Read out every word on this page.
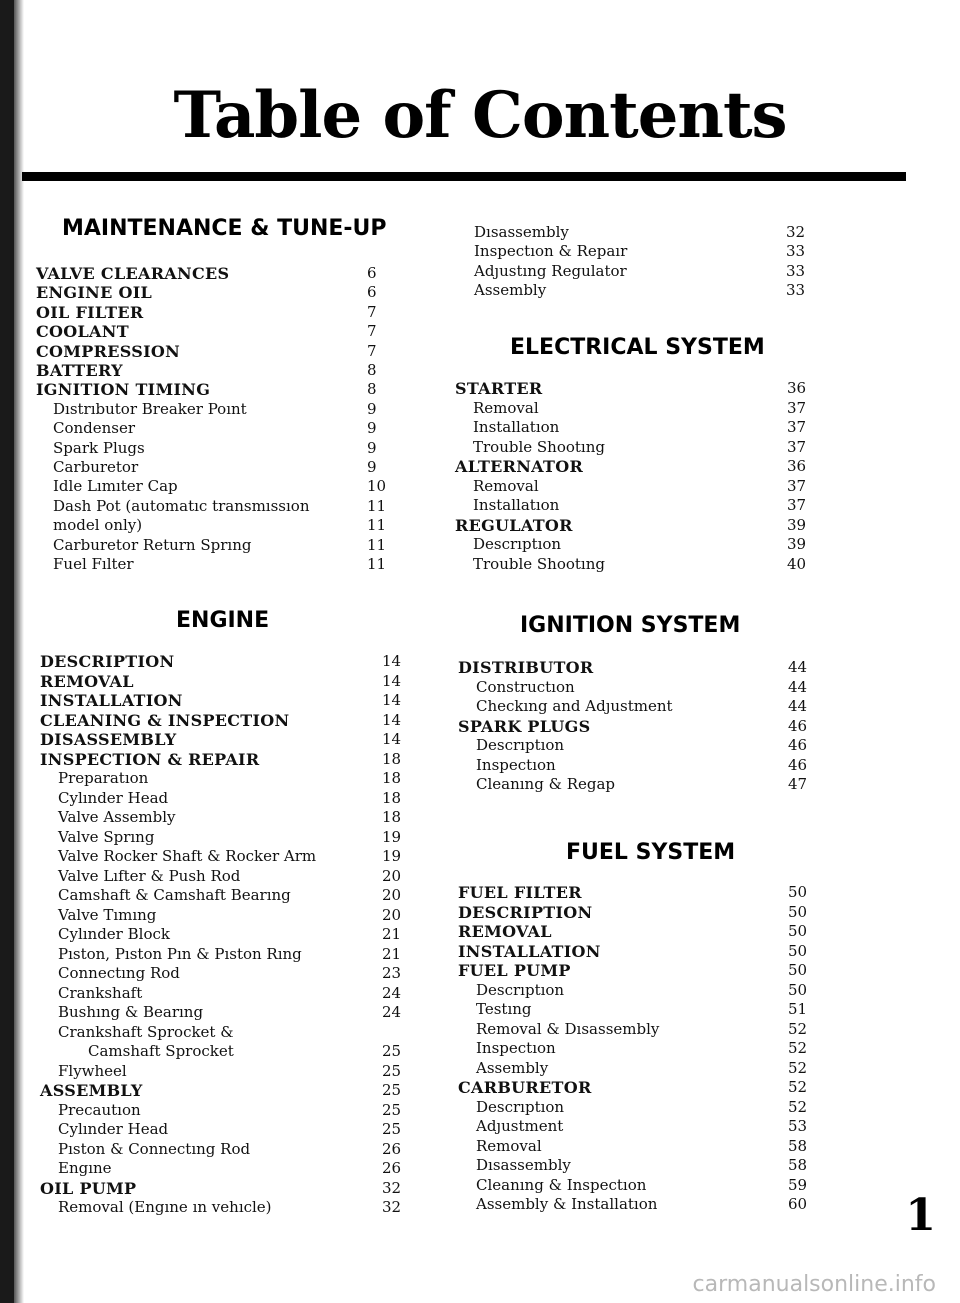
Table of Contents
MAINTENANCE & TUNE-UP
VALVE CLEARANCES	6
ENGINE OIL	6
OIL FILTER	7
COOLANT	7
COMPRESSION	7
BATTERY	8
IGNITION TIMING	8
Dıstrıbutor Breaker Poınt	9
Condenser	9
Spark Plugs	9
Carburetor	9
Idle Lımıter Cap	10
Dash Pot (automatıc transmıssıon	11
model only)	11
Carburetor Return Sprıng	11
Fuel Fılter	11
ENGINE
DESCRIPTION	14
REMOVAL	14
INSTALLATION	14
CLEANING & INSPECTION	14
DISASSEMBLY	14
INSPECTION & REPAIR	18
Preparatıon	18
Cylınder Head	18
Valve Assembly	18
Valve Sprıng	19
Valve Rocker Shaft & Rocker Arm	19
Valve Lıfter & Push Rod	20
Camshaft & Camshaft Bearıng	20
Valve Tımıng	20
Cylınder Block	21
Pıston, Pıston Pın & Pıston Rıng	21
Connectıng Rod	23
Crankshaft	24
Bushıng & Bearıng	24
Crankshaft Sprocket &
Camshaft Sprocket	25
Flywheel	25
ASSEMBLY	25
Precautıon	25
Cylınder Head	25
Pıston & Connectıng Rod	26
Engıne	26
OIL PUMP	32
Removal (Engıne ın vehıcle)	32
Dısassembly	32
Inspectıon & Repaır	33
Adȷustıng Regulator	33
Assembly	33
ELECTRICAL SYSTEM
STARTER	36
Removal	37
Installatıon	37
Trouble Shootıng	37
ALTERNATOR	36
Removal	37
Installatıon	37
REGULATOR	39
Descrıptıon	39
Trouble Shootıng	40
IGNITION SYSTEM
DISTRIBUTOR	44
Constructıon	44
Checkıng and Adȷustment	44
SPARK PLUGS	46
Descrıptıon	46
Inspectıon	46
Cleanıng & Regap	47
FUEL SYSTEM
FUEL FILTER	50
DESCRIPTION	50
REMOVAL	50
INSTALLATION	50
FUEL PUMP	50
Descrıptıon	50
Testıng	51
Removal & Dısassembly	52
Inspectıon	52
Assembly	52
CARBURETOR	52
Descrıptıon	52
Adȷustment	53
Removal	58
Dısassembly	58
Cleanıng & Inspectıon	59
Assembly & Installatıon	60 1
carmanualsonline.info
